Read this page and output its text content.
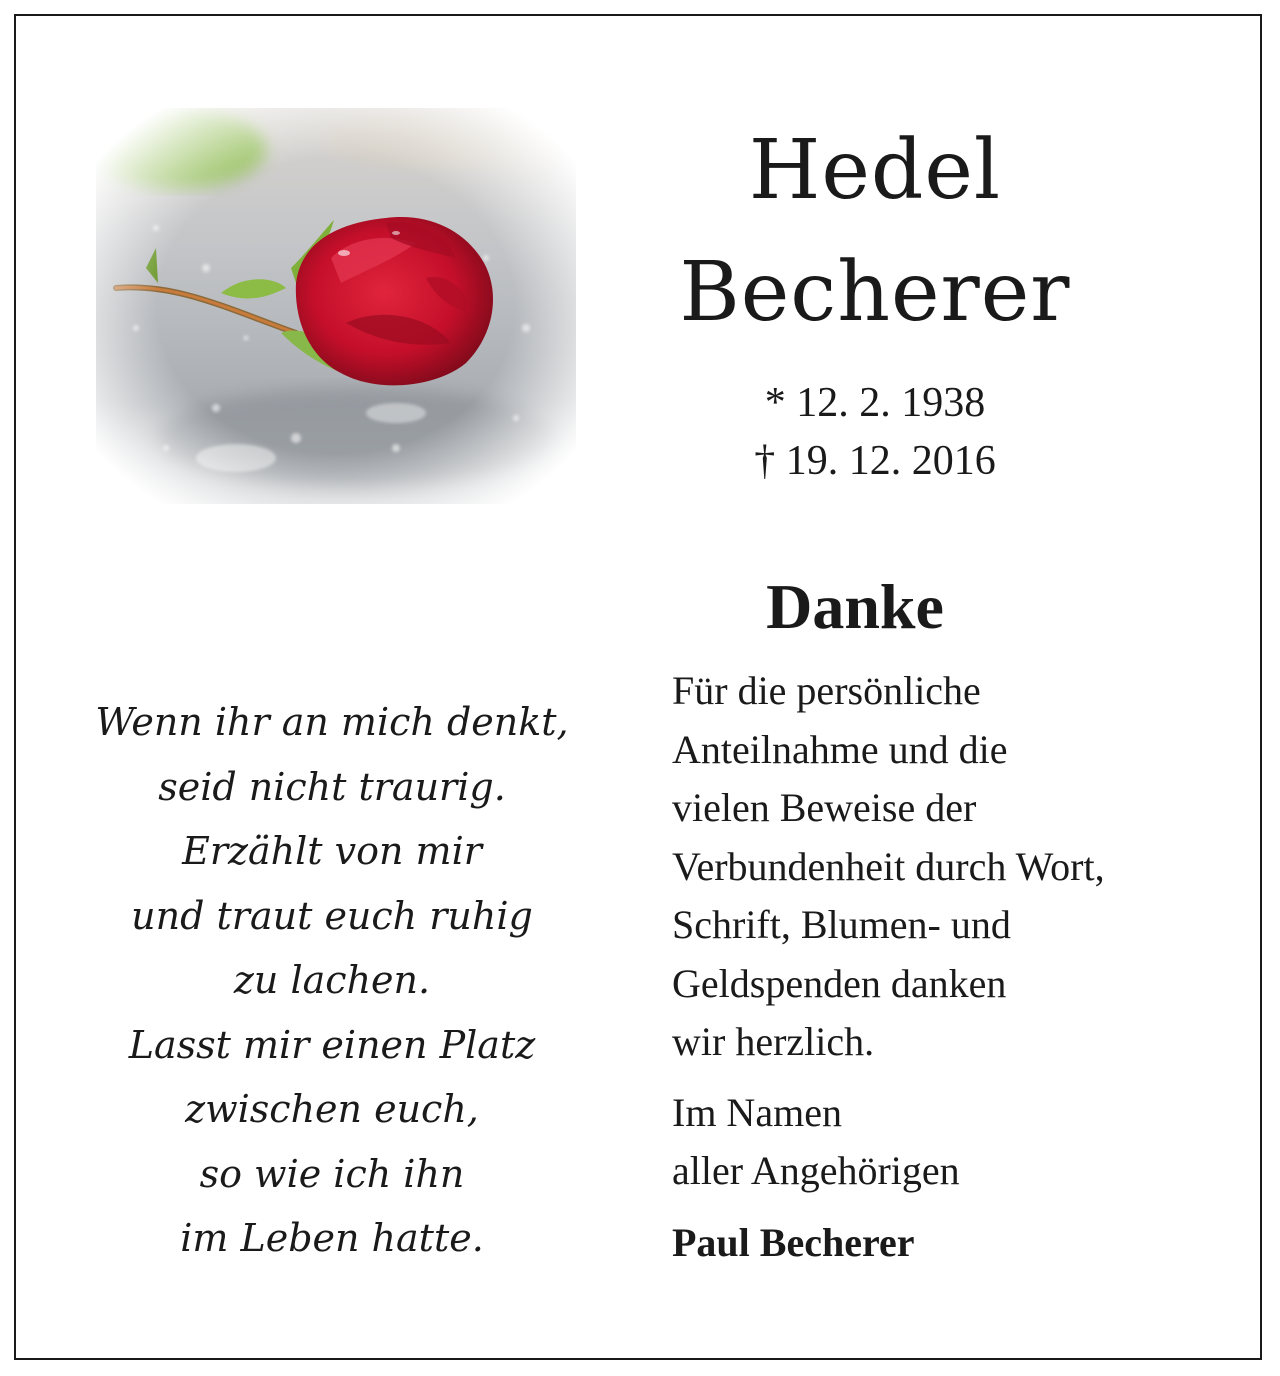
Hedel
Becherer
* 12. 2. 1938
† 19. 12. 2016
Wenn ihr an mich denkt,
seid nicht traurig.
Erzählt von mir
und traut euch ruhig
zu lachen.
Lasst mir einen Platz
zwischen euch,
so wie ich ihn
im Leben hatte.
Danke
Für die persönliche
Anteilnahme und die
vielen Beweise der
Verbundenheit durch Wort,
Schrift, Blumen- und
Geldspenden danken
wir herzlich.
Im Namen
aller Angehörigen
Paul Becherer
